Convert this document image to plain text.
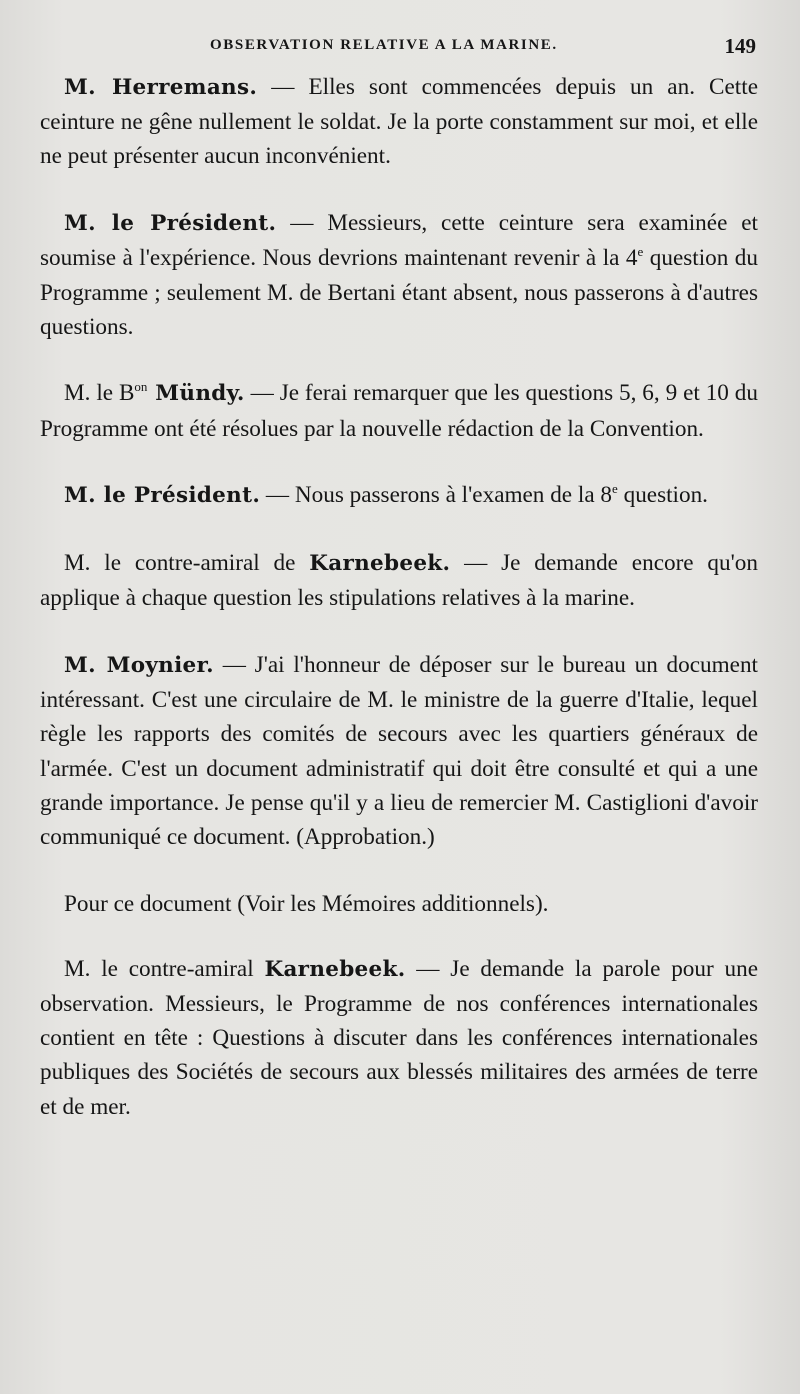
OBSERVATION RELATIVE A LA MARINE.	149

M. Herremans. — Elles sont commencées depuis un an. Cette ceinture ne gêne nullement le soldat. Je la porte constamment sur moi, et elle ne peut présenter aucun inconvénient.

M. le Président. — Messieurs, cette ceinture sera examinée et soumise à l'expérience. Nous devrions maintenant revenir à la 4e question du Programme ; seulement M. de Bertani étant absent, nous passerons à d'autres questions.

M. le $B^{on}$ Mündy. — Je ferai remarquer que les questions 5, 6, 9 et 10 du Programme ont été résolues par la nouvelle rédaction de la Convention.

M. le Président. — Nous passerons à l'examen de la 8e question.

M. le contre-amiral de Karnebeek. — Je demande encore qu'on applique à chaque question les stipulations relatives à la marine.

M. Moynier. — J'ai l'honneur de déposer sur le bureau un document intéressant. C'est une circulaire de M. le ministre de la guerre d'Italie, lequel règle les rapports des comités de secours avec les quartiers généraux de l'armée. C'est un document administratif qui doit être consulté et qui a une grande importance. Je pense qu'il y a lieu de remercier M. Castiglioni d'avoir communiqué ce document. (Approbation.)

Pour ce document (Voir les Mémoires additionnels).

M. le contre-amiral Karnebeek. — Je demande la parole pour une observation. Messieurs, le Programme de nos conférences internationales contient en tête : Questions à discuter dans les conférences internationales publiques des Sociétés de secours aux blessés militaires des armées de terre et de mer.
